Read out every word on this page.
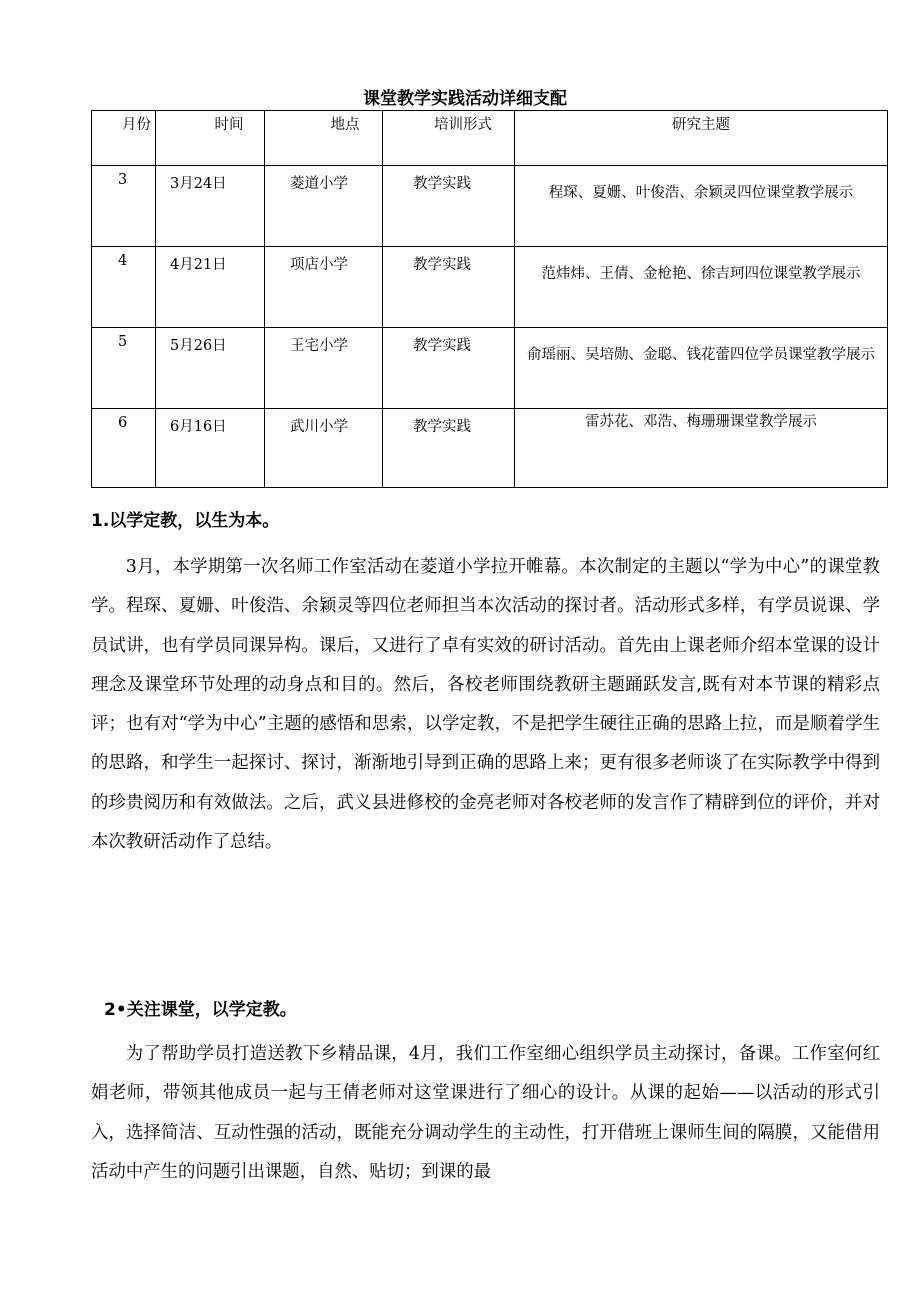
课堂教学实践活动详细支配
月份	时间	地点	培训形式	研究主题
3	3月24日	菱道小学	教学实践	程琛、夏姗、叶俊浩、余颖灵四位课堂教学展示
4	4月21日	项店小学	教学实践	范炜炜、王倩、金枪艳、徐吉珂四位课堂教学展示
5	5月26日	王宅小学	教学实践	俞瑶丽、吴培勋、金聪、钱花蕾四位学员课堂教学展示
6	6月16日	武川小学	教学实践	雷苏花、邓浩、梅珊珊课堂教学展示
1.以学定教，以生为本。

3月，本学期第一次名师工作室活动在菱道小学拉开帷幕。本次制定的主题以“学为中心”的课堂教学。程琛、夏姗、叶俊浩、余颖灵等四位老师担当本次活动的探讨者。活动形式多样，有学员说课、学员试讲，也有学员同课异构。课后，又进行了卓有实效的研讨活动。首先由上课老师介绍本堂课的设计理念及课堂环节处理的动身点和目的。然后，各校老师围绕教研主题踊跃发言,既有对本节课的精彩点评；也有对“学为中心”主题的感悟和思索，以学定教，不是把学生硬往正确的思路上拉，而是顺着学生的思路，和学生一起探讨、探讨，渐渐地引导到正确的思路上来；更有很多老师谈了在实际教学中得到的珍贵阅历和有效做法。之后，武义县进修校的金亮老师对各校老师的发言作了精辟到位的评价，并对本次教研活动作了总结。

2•关注课堂，以学定教。

为了帮助学员打造送教下乡精品课，4月，我们工作室细心组织学员主动探讨，备课。工作室何红娟老师，带领其他成员一起与王倩老师对这堂课进行了细心的设计。从课的起始——以活动的形式引入，选择简洁、互动性强的活动，既能充分调动学生的主动性，打开借班上课师生间的隔膜，又能借用活动中产生的问题引出课题，自然、贴切；到课的最
